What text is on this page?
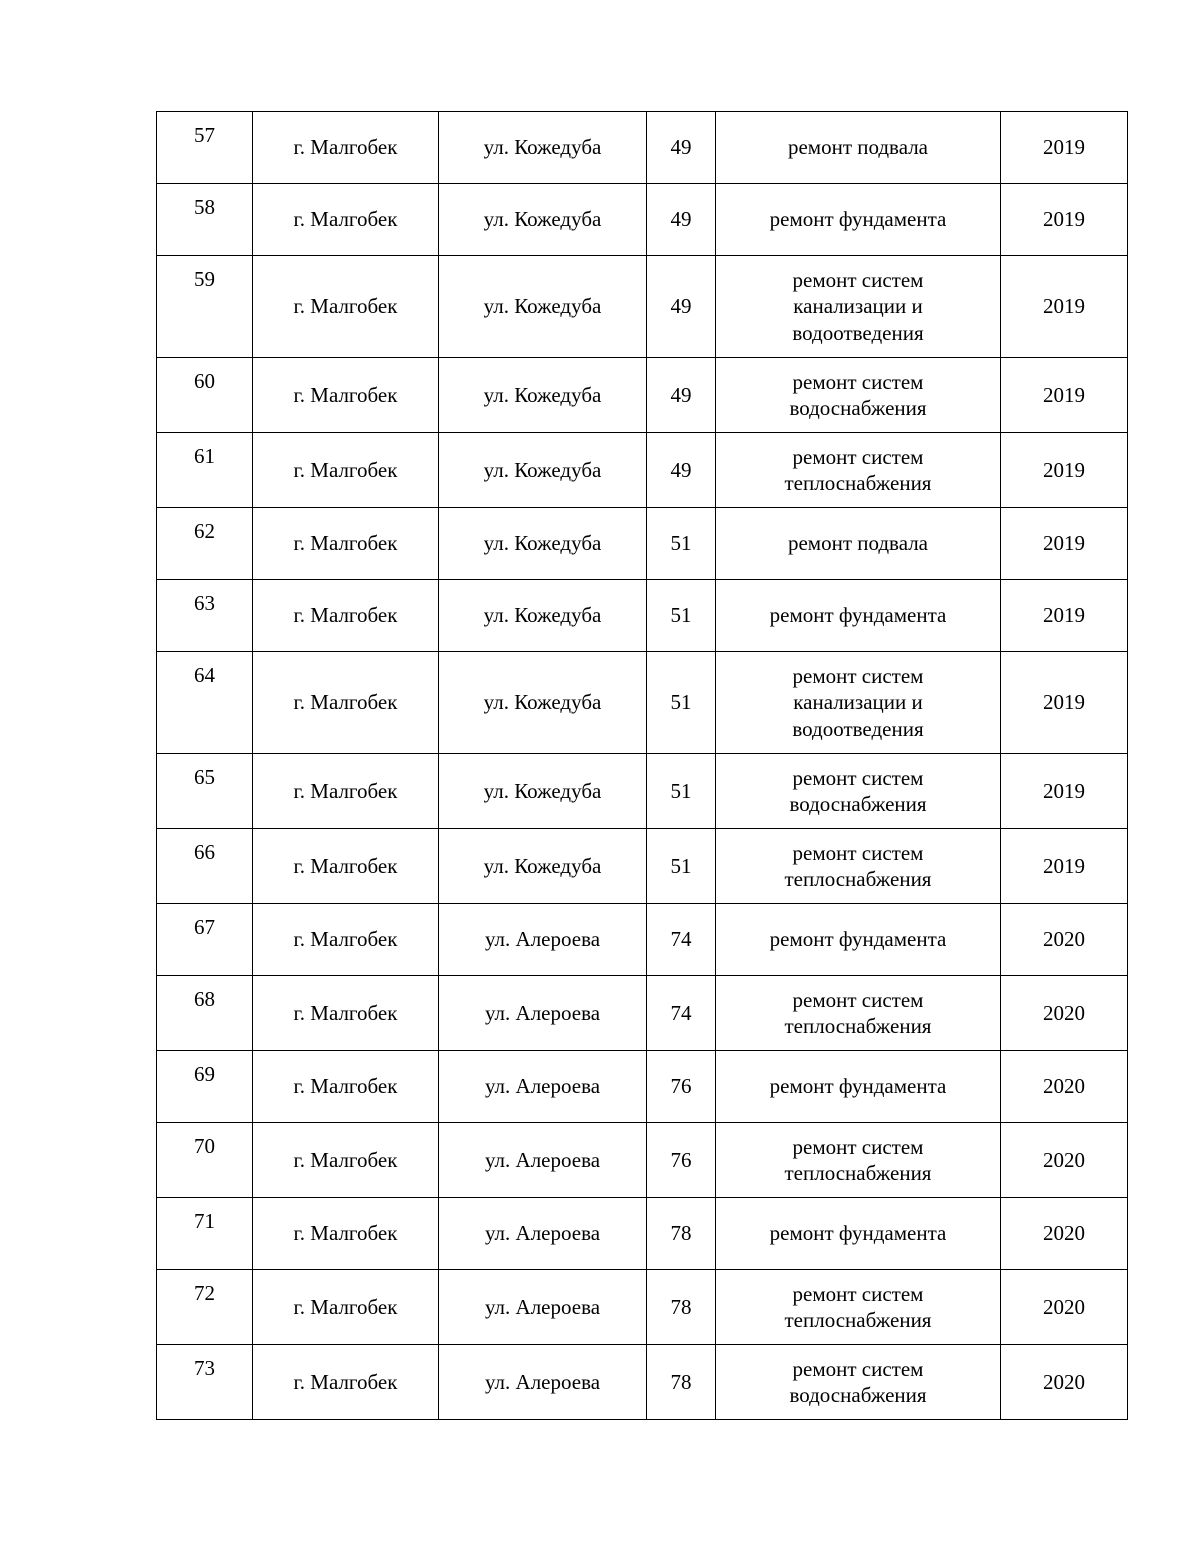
57	г. Малгобек	ул. Кожедуба	49	ремонт подвала	2019
58	г. Малгобек	ул. Кожедуба	49	ремонт фундамента	2019
59	г. Малгобек	ул. Кожедуба	49	ремонт систем
канализации и
водоотведения	2019
60	г. Малгобек	ул. Кожедуба	49	ремонт систем
водоснабжения	2019
61	г. Малгобек	ул. Кожедуба	49	ремонт систем
теплоснабжения	2019
62	г. Малгобек	ул. Кожедуба	51	ремонт подвала	2019
63	г. Малгобек	ул. Кожедуба	51	ремонт фундамента	2019
64	г. Малгобек	ул. Кожедуба	51	ремонт систем
канализации и
водоотведения	2019
65	г. Малгобек	ул. Кожедуба	51	ремонт систем
водоснабжения	2019
66	г. Малгобек	ул. Кожедуба	51	ремонт систем
теплоснабжения	2019
67	г. Малгобек	ул. Алероева	74	ремонт фундамента	2020
68	г. Малгобек	ул. Алероева	74	ремонт систем
теплоснабжения	2020
69	г. Малгобек	ул. Алероева	76	ремонт фундамента	2020
70	г. Малгобек	ул. Алероева	76	ремонт систем
теплоснабжения	2020
71	г. Малгобек	ул. Алероева	78	ремонт фундамента	2020
72	г. Малгобек	ул. Алероева	78	ремонт систем
теплоснабжения	2020
73	г. Малгобек	ул. Алероева	78	ремонт систем
водоснабжения	2020
